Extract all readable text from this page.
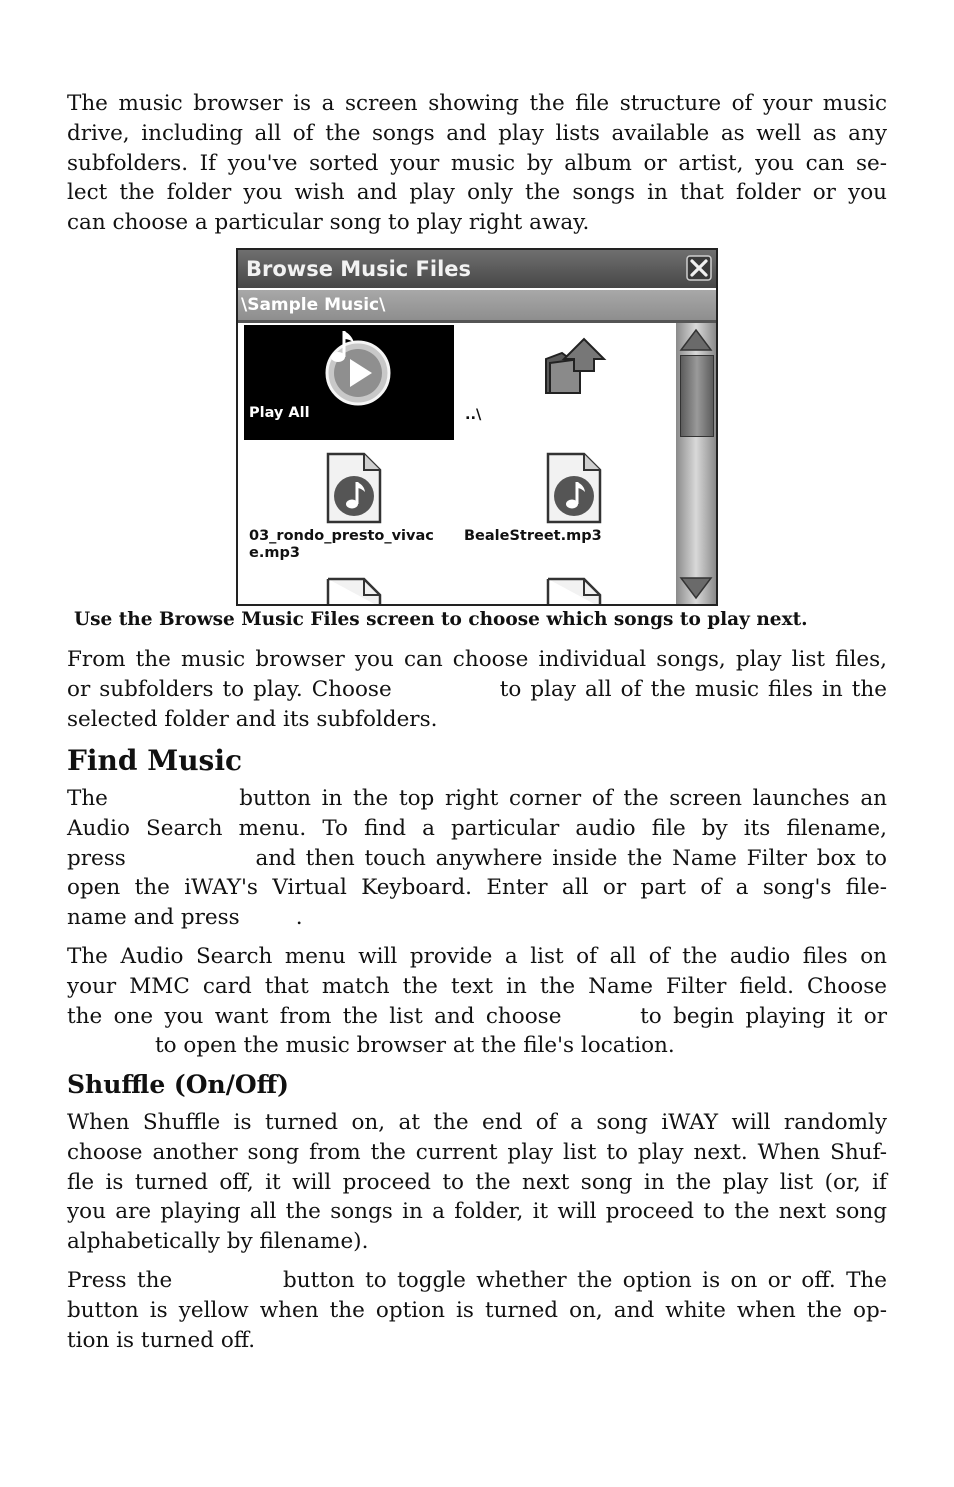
The music browser is a screen showing the file structure of your music
drive, including all of the songs and play lists available as well as any
subfolders. If you've sorted your music by album or artist, you can se-
lect the folder you wish and play only the songs in that folder or you
can choose a particular song to play right away.
Browse Music Files
\Sample Music\
Play All	..\
03_rondo_presto_vivac
e.mp3
BealeStreet.mp3

Use the Browse Music Files screen to choose which songs to play next.

From the music browser you can choose individual songs, play list files,
or subfolders to play. Choose	to play all of the music files in the
selected folder and its subfolders.
Find Music
The	button in the top right corner of the screen launches an
Audio Search menu. To find a particular audio file by its filename,
press	and then touch anywhere inside the Name Filter box to
open the iWAY's Virtual Keyboard. Enter all or part of a song's file-
name and press	.
The Audio Search menu will provide a list of all of the audio files on
your MMC card that match the text in the Name Filter field. Choose
the one you want from the list and choose	to begin playing it or
to open the music browser at the file's location.
Shuffle (On/Off)
When Shuffle is turned on, at the end of a song iWAY will randomly
choose another song from the current play list to play next. When Shuf-
fle is turned off, it will proceed to the next song in the play list (or, if
you are playing all the songs in a folder, it will proceed to the next song
alphabetically by filename).
Press the	button to toggle whether the option is on or off. The
button is yellow when the option is turned on, and white when the op-
tion is turned off.
